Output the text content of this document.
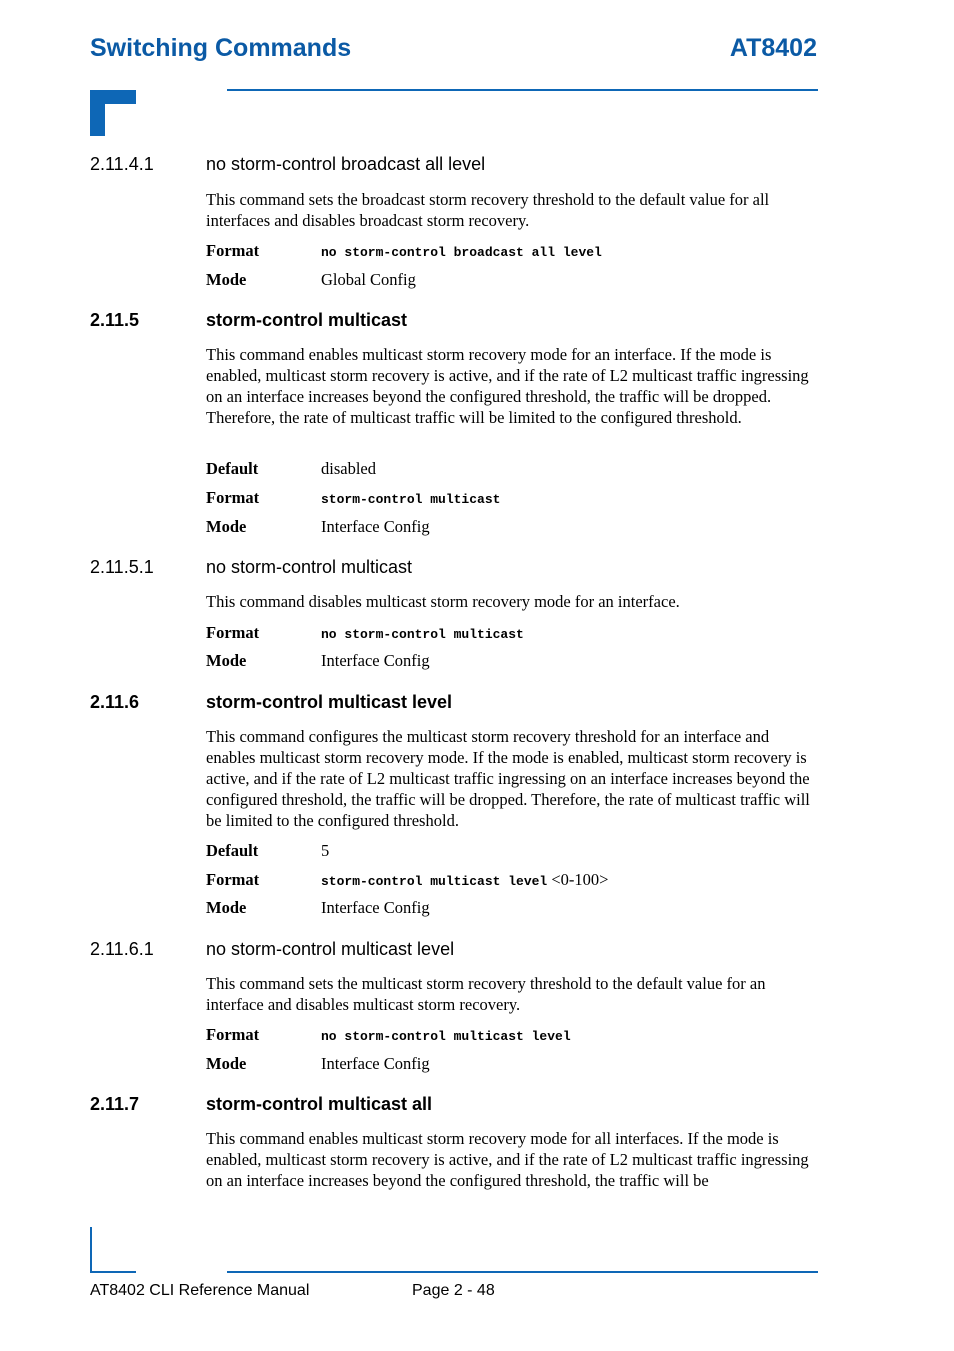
Switching Commands	AT8402
2.11.4.1	no storm-control broadcast all level

This command sets the broadcast storm recovery threshold to the default value for all interfaces and disables broadcast storm recovery.

Format	no storm-control broadcast all level
Mode	Global Config
2.11.5	storm-control multicast

This command enables multicast storm recovery mode for an interface. If the mode is enabled, multicast storm recovery is active, and if the rate of L2 multicast traffic ingressing on an interface increases beyond the configured threshold, the traffic will be dropped. Therefore, the rate of multicast traffic will be limited to the configured threshold.

Default	disabled
Format	storm-control multicast
Mode	Interface Config
2.11.5.1	no storm-control multicast

This command disables multicast storm recovery mode for an interface.

Format	no storm-control multicast
Mode	Interface Config
2.11.6	storm-control multicast level

This command configures the multicast storm recovery threshold for an interface and enables multicast storm recovery mode. If the mode is enabled, multicast storm recovery is active, and if the rate of L2 multicast traffic ingressing on an interface increases beyond the configured threshold, the traffic will be dropped. Therefore, the rate of multicast traffic will be limited to the configured threshold.

Default	5
Format	storm-control multicast level <0-100>
Mode	Interface Config
2.11.6.1	no storm-control multicast level

This command sets the multicast storm recovery threshold to the default value for an interface and disables multicast storm recovery.

Format	no storm-control multicast level
Mode	Interface Config
2.11.7	storm-control multicast all

This command enables multicast storm recovery mode for all interfaces. If the mode is enabled, multicast storm recovery is active, and if the rate of L2 multicast traffic ingressing on an interface increases beyond the configured threshold, the traffic will be

AT8402 CLI Reference Manual	Page 2 - 48
